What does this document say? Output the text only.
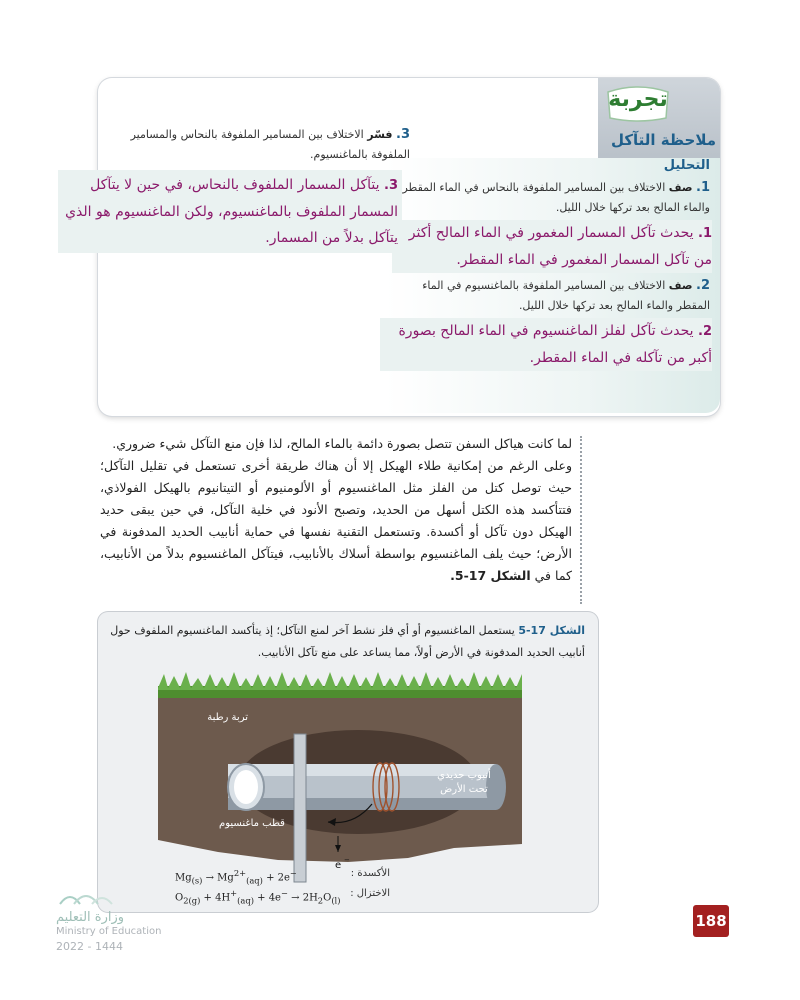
تجربة
ملاحظة التآكل
التحليل
1. صف الاختلاف بين المسامير الملفوفة بالنحاس في الماء المقطر والماء المالح بعد تركها خلال الليل.
1. يحدث تآكل المسمار المغمور في الماء المالح أكثر من تآكل المسمار المغمور في الماء المقطر.
2. صف الاختلاف بين المسامير الملفوفة بالماغنسيوم في الماء المقطر والماء المالح بعد تركها خلال الليل.
2. يحدث تآكل لفلز الماغنسيوم في الماء المالح بصورة أكبر من تآكله في الماء المقطر.
3. فسّر الاختلاف بين المسامير الملفوفة بالنحاس والمسامير الملفوفة بالماغنسيوم.
3. يتآكل المسمار الملفوف بالنحاس، في حين لا يتآكل المسمار الملفوف بالماغنسيوم، ولكن الماغنسيوم هو الذي يتآكل بدلاً من المسمار.
لما كانت هياكل السفن تتصل بصورة دائمة بالماء المالح، لذا فإن منع التآكل شيء ضروري.
وعلى الرغم من إمكانية طلاء الهيكل إلا أن هناك طريقة أخرى تستعمل في تقليل التآكل؛ حيث توصل كتل من الفلز مثل الماغنسيوم أو الألومنيوم أو التيتانيوم بالهيكل الفولاذي، فتتأكسد هذه الكتل أسهل من الحديد، وتصبح الأنود في خلية التآكل، في حين يبقى حديد الهيكل دون تآكل أو أكسدة. وتستعمل التقنية نفسها في حماية أنابيب الحديد المدفونة في الأرض؛ حيث يلف الماغنسيوم بواسطة أسلاك بالأنابيب، فيتآكل الماغنسيوم بدلاً من الأنابيب، كما في الشكل 17-5.
الشكل 17-5 يستعمل الماغنسيوم أو أي فلز نشط آخر لمنع التآكل؛ إذ يتأكسد الماغنسيوم الملفوف حول أنابيب الحديد المدفونة في الأرض أولاً، مما يساعد على منع تآكل الأنابيب.
تربة رطبة
أنبوب حديدي
تحت الأرض
قطب ماغنسيوم
e −
$Mg_{(s)} \to Mg^{2+}_{(aq)} + 2e^-$
$O_{2(g)} + 4H^+_{(aq)} + 4e^- \to 2H_2O_{(l)}$
الأكسدة :
الاختزال :
188
وزارة التعليم
Ministry of Education
2022 - 1444
